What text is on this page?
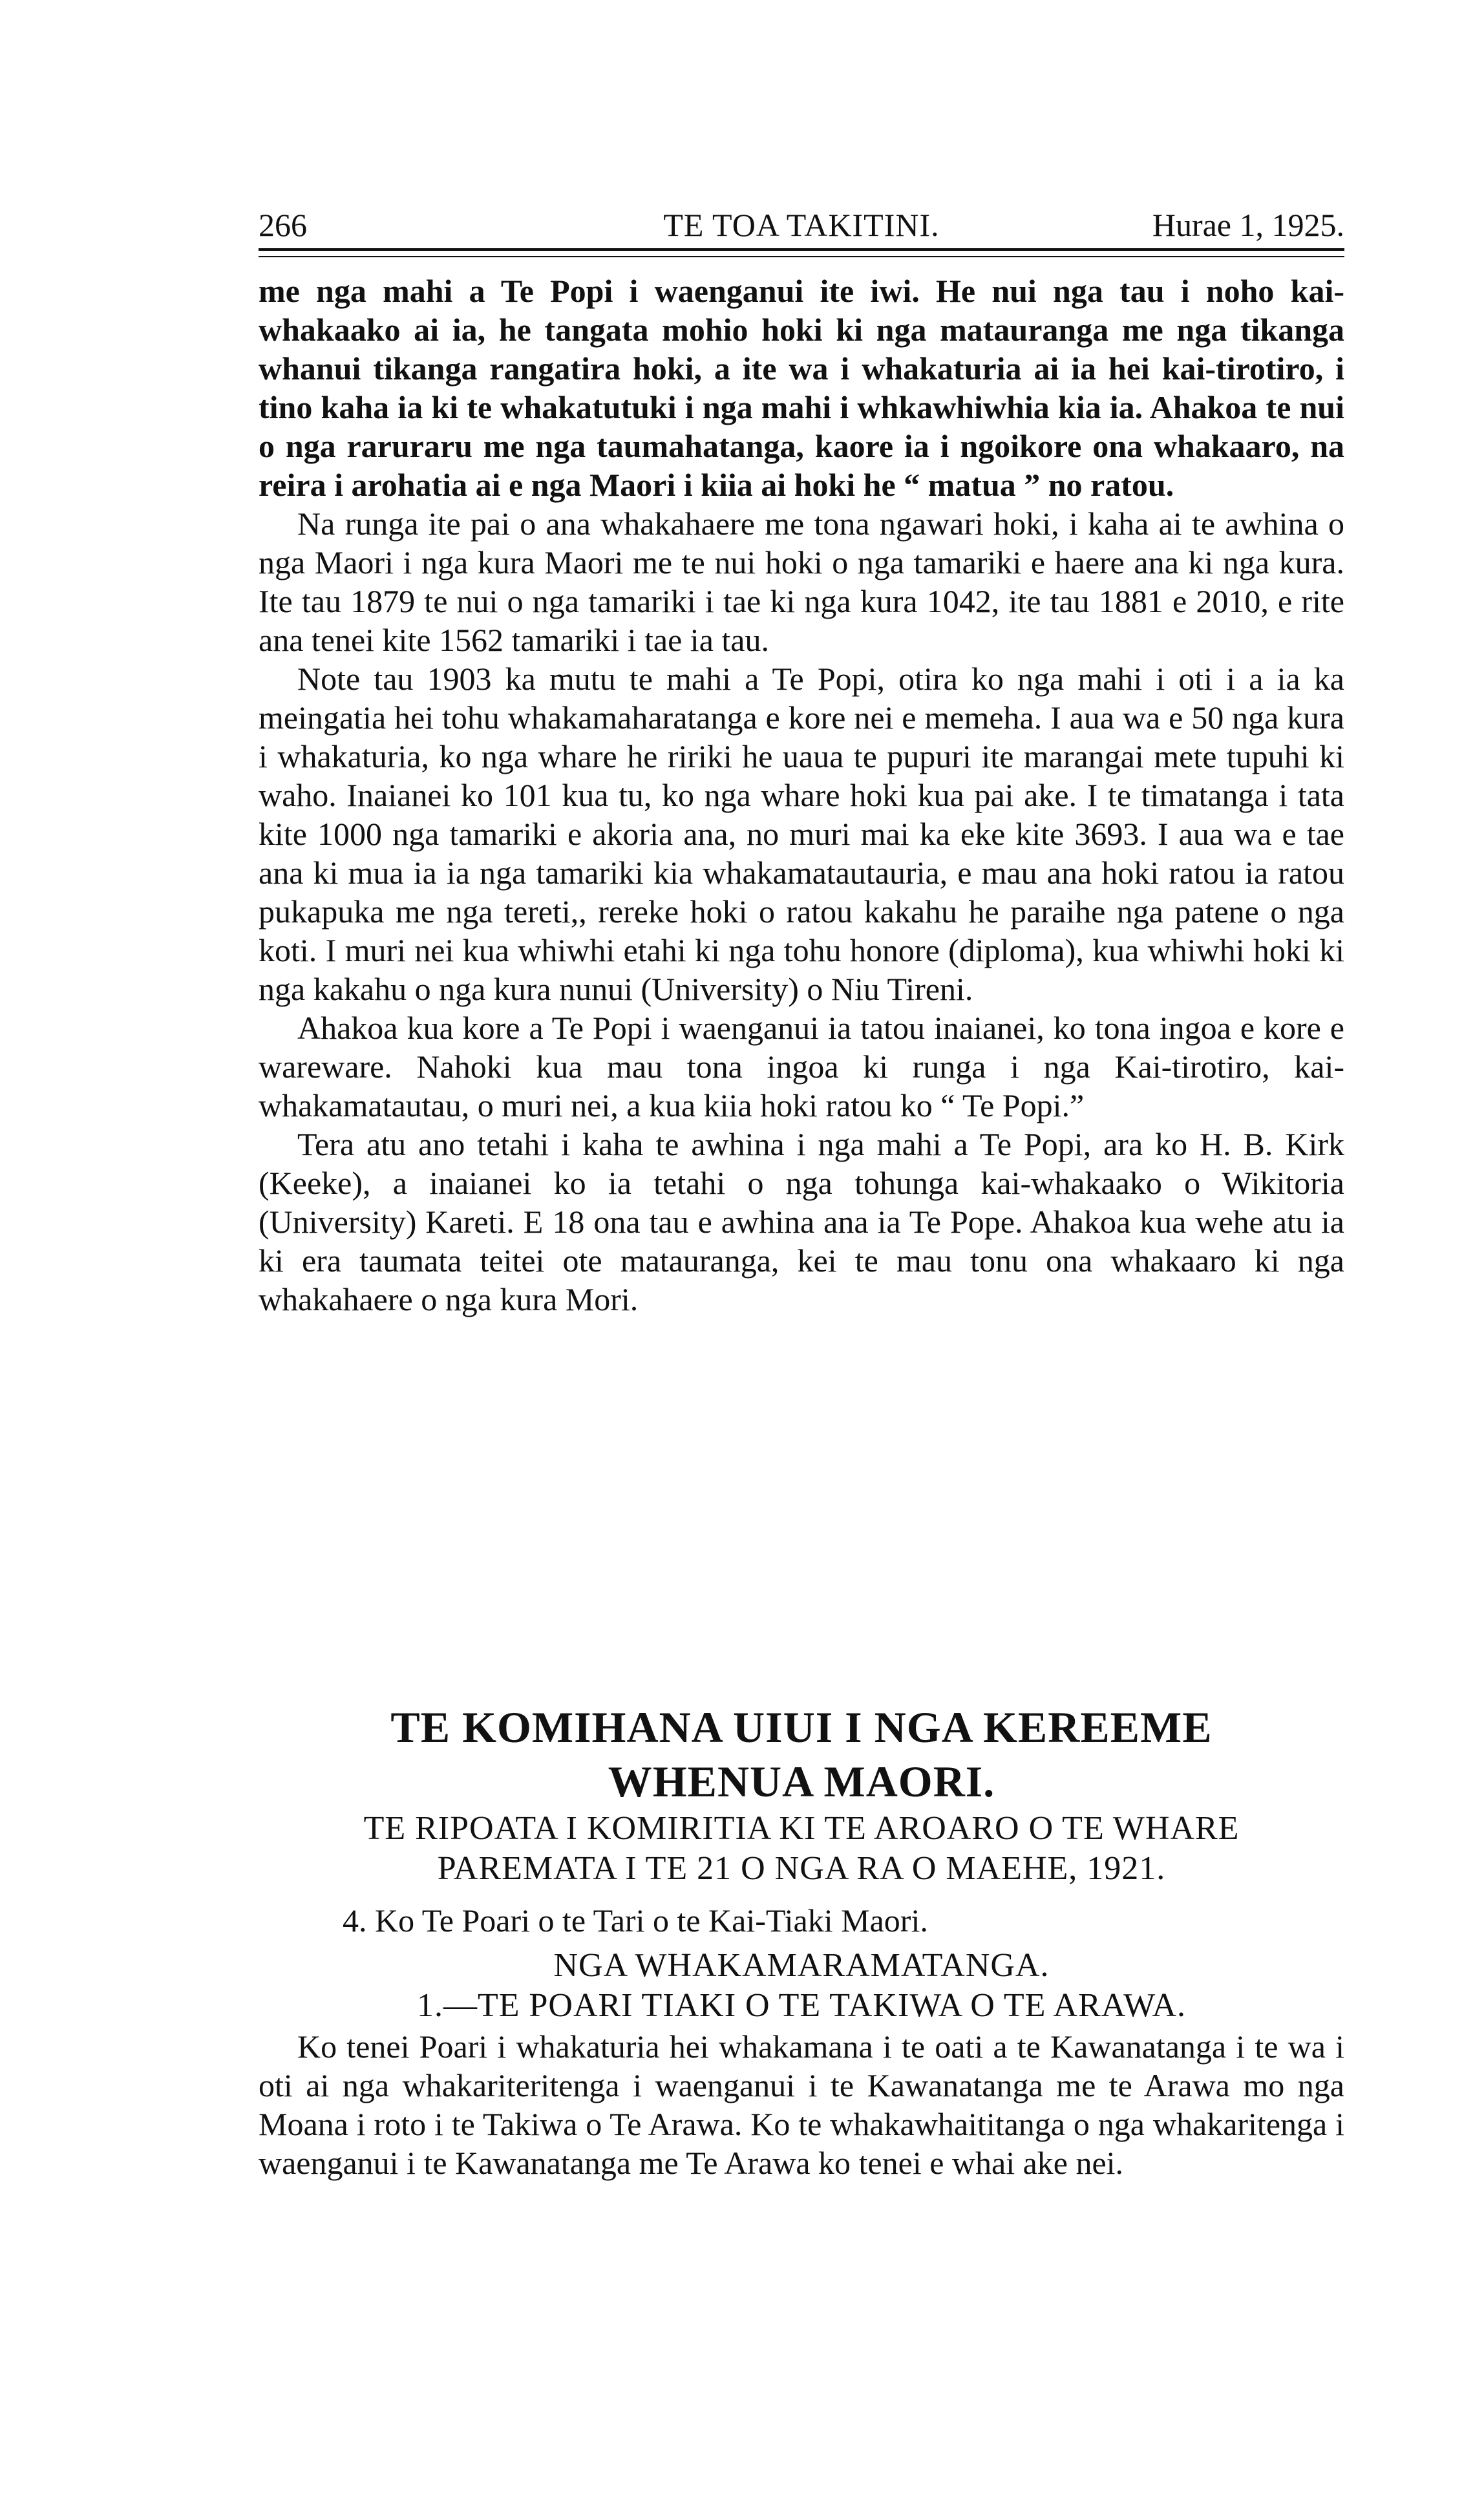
TE TOA TAKITINI.
266	Hurae 1, 1925.

me nga mahi a Te Popi i waenganui ite iwi. He nui nga tau i noho kai-whakaako ai ia, he tangata mohio hoki ki nga matauranga me nga tikanga whanui tikanga rangatira hoki, a ite wa i whakaturia ai ia hei kai-tirotiro, i tino kaha ia ki te whakatutuki i nga mahi i whkawhiwhia kia ia. Ahakoa te nui o nga raruraru me nga taumahatanga, kaore ia i ngoikore ona whakaaro, na reira i arohatia ai e nga Maori i kiia ai hoki he “ matua ” no ratou.

Na runga ite pai o ana whakahaere me tona ngawari hoki, i kaha ai te awhina o nga Maori i nga kura Maori me te nui hoki o nga tamariki e haere ana ki nga kura. Ite tau 1879 te nui o nga tamariki i tae ki nga kura 1042, ite tau 1881 e 2010, e rite ana tenei kite 1562 tamariki i tae ia tau.

Note tau 1903 ka mutu te mahi a Te Popi, otira ko nga mahi i oti i a ia ka meingatia hei tohu whakamaharatanga e kore nei e memeha. I aua wa e 50 nga kura i whakaturia, ko nga whare he ririki he uaua te pupuri ite marangai mete tupuhi ki waho. Inaianei ko 101 kua tu, ko nga whare hoki kua pai ake. I te timatanga i tata kite 1000 nga tamariki e akoria ana, no muri mai ka eke kite 3693. I aua wa e tae ana ki mua ia ia nga tamariki kia whakamatautauria, e mau ana hoki ratou ia ratou pukapuka me nga tereti,, rereke hoki o ratou kakahu he paraihe nga patene o nga koti. I muri nei kua whiwhi etahi ki nga tohu honore (diploma), kua whiwhi hoki ki nga kakahu o nga kura nunui (University) o Niu Tireni.

Ahakoa kua kore a Te Popi i waenganui ia tatou inaianei, ko tona ingoa e kore e wareware. Nahoki kua mau tona ingoa ki runga i nga Kai-tirotiro, kai-whakamatautau, o muri nei, a kua kiia hoki ratou ko “ Te Popi.”

Tera atu ano tetahi i kaha te awhina i nga mahi a Te Popi, ara ko H. B. Kirk (Keeke), a inaianei ko ia tetahi o nga tohunga kai-whakaako o Wikitoria (University) Kareti. E 18 ona tau e awhina ana ia Te Pope. Ahakoa kua wehe atu ia ki era taumata teitei ote matauranga, kei te mau tonu ona whakaaro ki nga whakahaere o nga kura Mori.

TE KOMIHANA UIUI I NGA KEREEME

WHENUA MAORI.

TE RIPOATA I KOMIRITIA KI TE AROARO O TE WHARE

PAREMATA I TE 21 O NGA RA O MAEHE, 1921.

4. Ko Te Poari o te Tari o te Kai-Tiaki Maori.

NGA WHAKAMARAMATANGA.

1.—TE POARI TIAKI O TE TAKIWA O TE ARAWA.

Ko tenei Poari i whakaturia hei whakamana i te oati a te Kawanatanga i te wa i oti ai nga whakariteritenga i waenganui i te Kawanatanga me te Arawa mo nga Moana i roto i te Takiwa o Te Arawa. Ko te whakawhaititanga o nga whakaritenga i waenganui i te Kawanatanga me Te Arawa ko tenei e whai ake nei.
